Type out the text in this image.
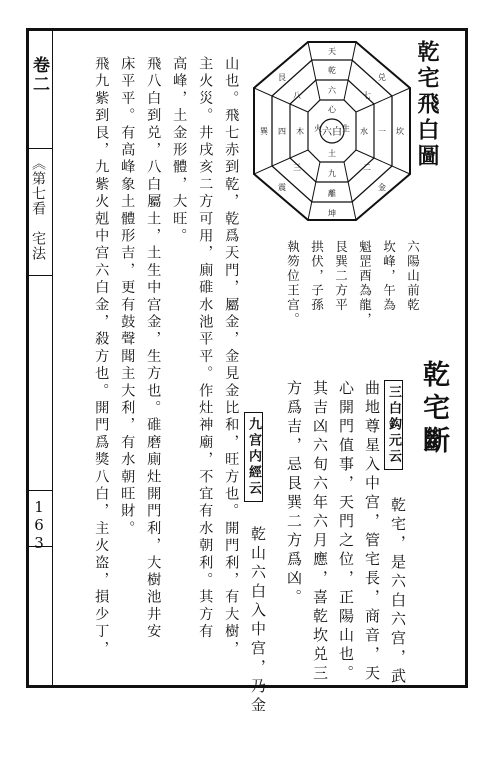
卷二
《第七看　宅法
163
乾宅飛白圖
六白
天
乾
六
坤
離
九
巽 四 木	坎
一
水
艮	兑
震	金
八	七
三	二
心
土
火	生
六陽山前乾
坎峰，午為
魁罡酉為龍，
艮巽二方平
拱伏，子孫
執笏位王宫。
乾宅斷
三白鈎元云
九宫内經云
乾宅，是六白六宫，武
曲地尊星入中宫，管宅長，商音，天
心開門值事，天門之位，正陽山也。
其吉凶六旬六年六月應，喜乾坎兑三
方爲吉，忌艮巽二方爲凶。
乾山六白入中宫，乃金
山也。飛七赤到乾，乾爲天門，屬金，金見金比和，旺方也。開門利，有大樹，
主火災。井戌亥二方可用，廁碓水池平平。作灶神廟，不宜有水朝利。其方有
高峰，土金形體，大旺。
飛八白到兑，八白屬土，土生中宫金，生方也。碓磨廁灶開門利，大樹池井安
床平平。有高峰象土體形吉，更有鼓聲聞主大利，有水朝旺財。
飛九紫到艮，九紫火剋中宫六白金，殺方也。開門爲獎八白，主火盗，損少丁，
